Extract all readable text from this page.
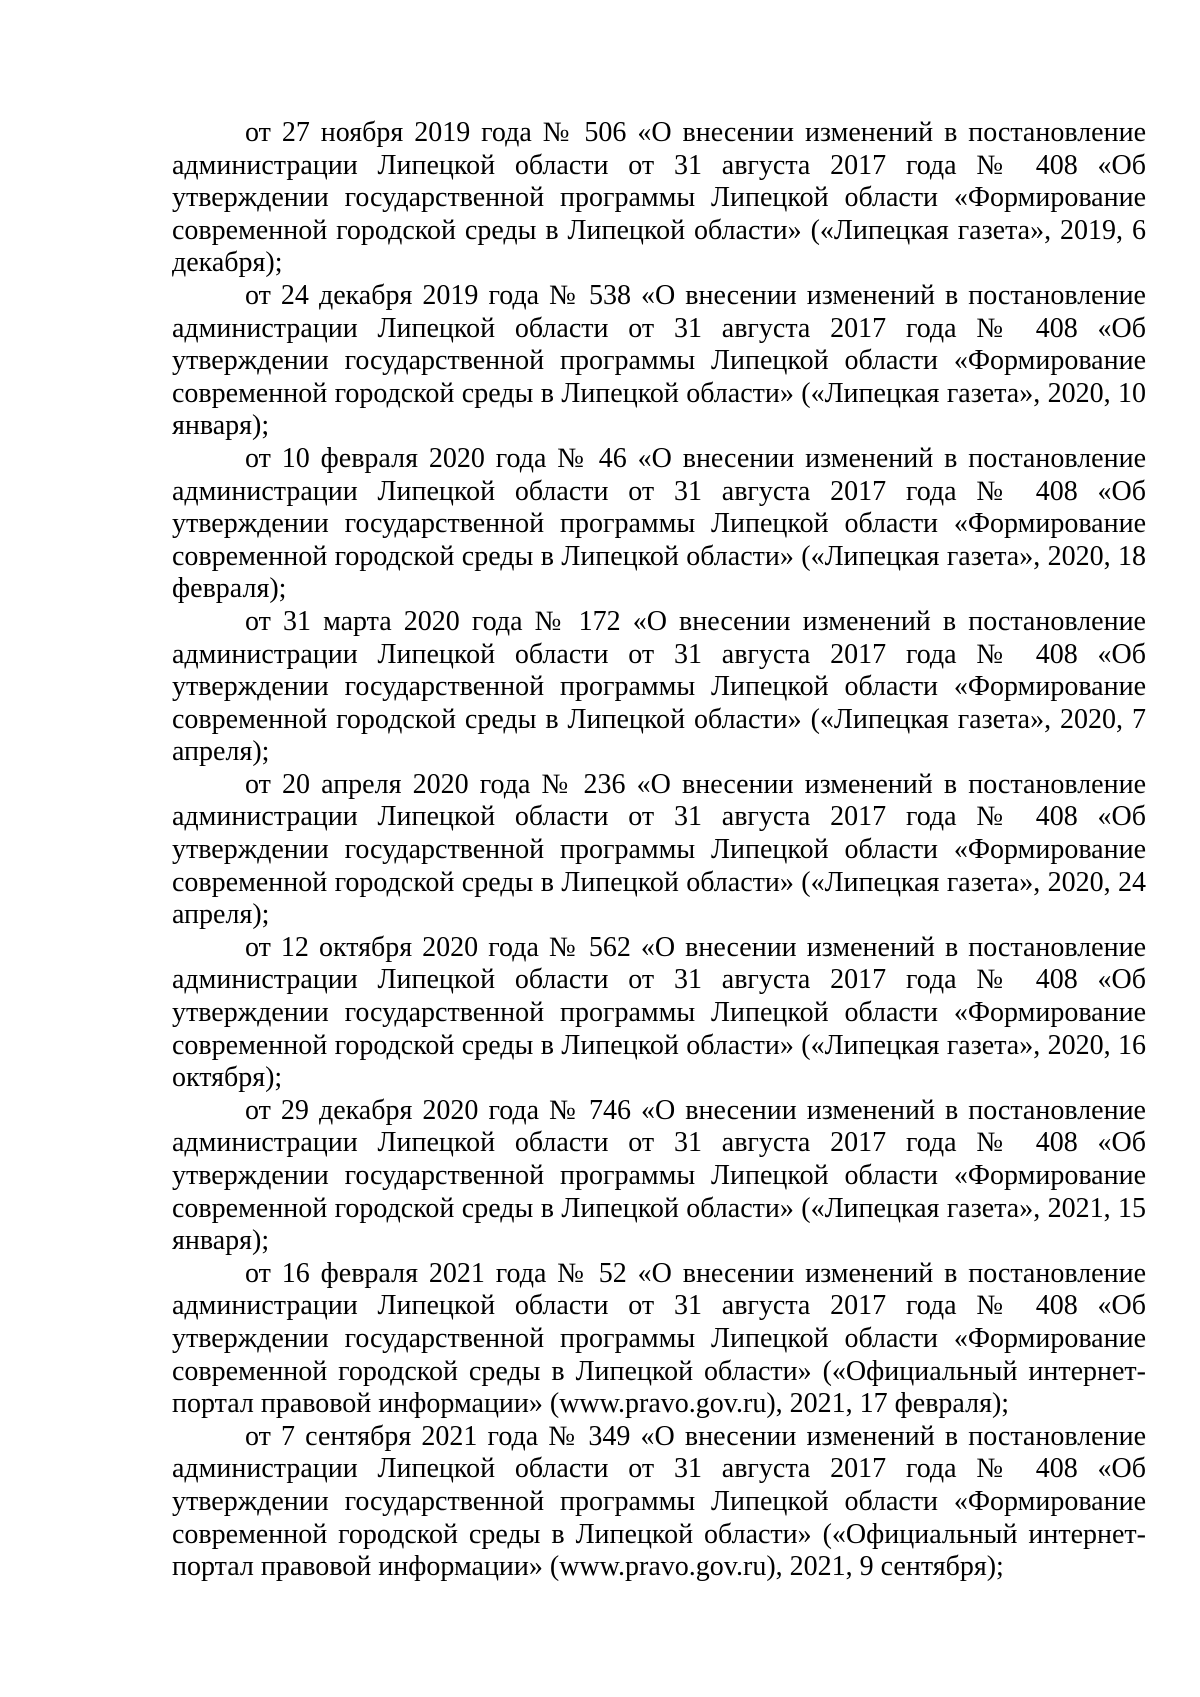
от 27 ноября 2019 года № 506 «О внесении изменений в постановление администрации Липецкой области от 31 августа 2017 года № 408 «Об утверждении государственной программы Липецкой области «Формирование современной городской среды в Липецкой области» («Липецкая газета», 2019, 6 декабря);

от 24 декабря 2019 года № 538 «О внесении изменений в постановление администрации Липецкой области от 31 августа 2017 года № 408 «Об утверждении государственной программы Липецкой области «Формирование современной городской среды в Липецкой области» («Липецкая газета», 2020, 10 января);

от 10 февраля 2020 года № 46 «О внесении изменений в постановление администрации Липецкой области от 31 августа 2017 года № 408 «Об утверждении государственной программы Липецкой области «Формирование современной городской среды в Липецкой области» («Липецкая газета», 2020, 18 февраля);

от 31 марта 2020 года № 172 «О внесении изменений в постановление администрации Липецкой области от 31 августа 2017 года № 408 «Об утверждении государственной программы Липецкой области «Формирование современной городской среды в Липецкой области» («Липецкая газета», 2020, 7 апреля);

от 20 апреля 2020 года № 236 «О внесении изменений в постановление администрации Липецкой области от 31 августа 2017 года № 408 «Об утверждении государственной программы Липецкой области «Формирование современной городской среды в Липецкой области» («Липецкая газета», 2020, 24 апреля);

от 12 октября 2020 года № 562 «О внесении изменений в постановление администрации Липецкой области от 31 августа 2017 года № 408 «Об утверждении государственной программы Липецкой области «Формирование современной городской среды в Липецкой области» («Липецкая газета», 2020, 16 октября);

от 29 декабря 2020 года № 746 «О внесении изменений в постановление администрации Липецкой области от 31 августа 2017 года № 408 «Об утверждении государственной программы Липецкой области «Формирование современной городской среды в Липецкой области» («Липецкая газета», 2021, 15 января);

от 16 февраля 2021 года № 52 «О внесении изменений в постановление администрации Липецкой области от 31 августа 2017 года № 408 «Об утверждении государственной программы Липецкой области «Формирование современной городской среды в Липецкой области» («Официальный интернет-портал правовой информации» (www.pravo.gov.ru), 2021, 17 февраля);

от 7 сентября 2021 года № 349 «О внесении изменений в постановление администрации Липецкой области от 31 августа 2017 года № 408 «Об утверждении государственной программы Липецкой области «Формирование современной городской среды в Липецкой области» («Официальный интернет-портал правовой информации» (www.pravo.gov.ru), 2021, 9 сентября);
